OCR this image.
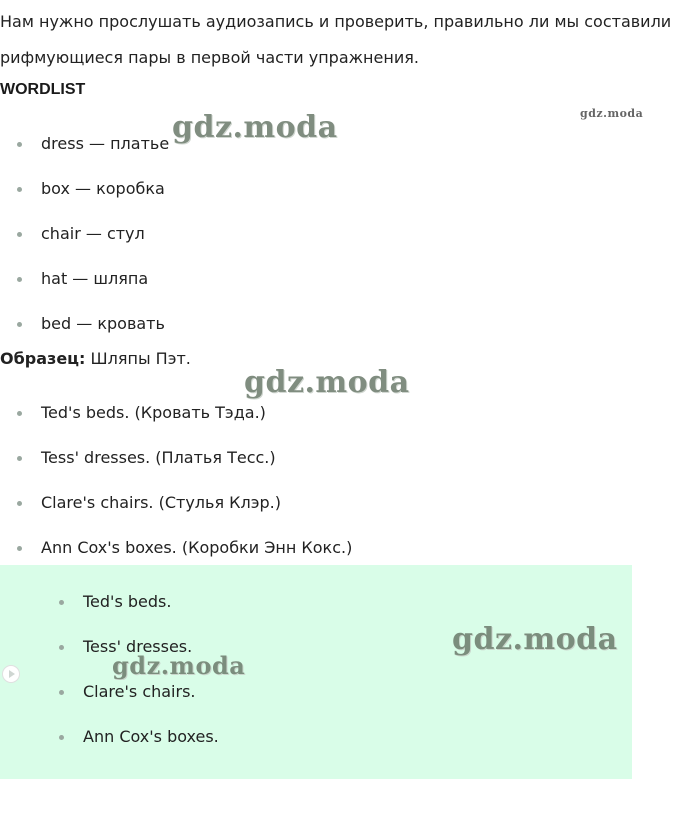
Нам нужно прослушать аудиозапись и проверить, правильно ли мы составили рифмующиеся пары в первой части упражнения.

WORDLIST
dress — платье
box — коробка
chair — стул
hat — шляпа
bed — кровать

Образец: Шляпы Пэт.

Ted's beds. (Кровать Тэда.)
Tess' dresses. (Платья Тесс.)
Clare's chairs. (Стулья Клэр.)
Ann Cox's boxes. (Коробки Энн Кокс.)
Ted's beds.
Tess' dresses.
Clare's chairs.
Ann Cox's boxes.
gdz.moda	gdz.moda
gdz.moda
gdz.moda
gdz.moda
